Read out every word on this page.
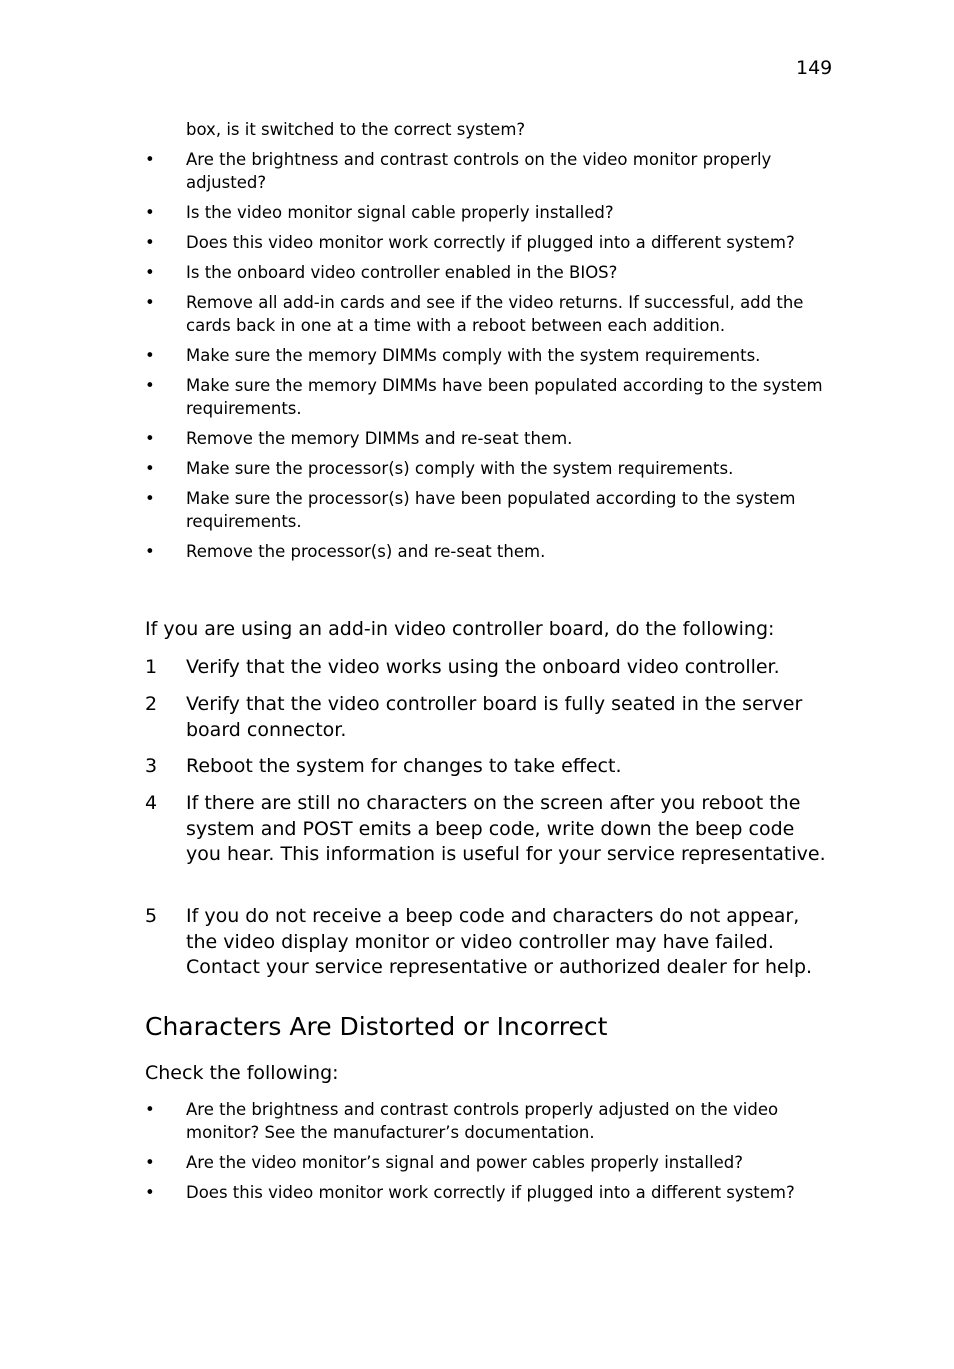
149
box, is it switched to the correct system?
• Are the brightness and contrast controls on the video monitor properly adjusted?
• Is the video monitor signal cable properly installed?
• Does this video monitor work correctly if plugged into a different system?
• Is the onboard video controller enabled in the BIOS?
• Remove all add-in cards and see if the video returns. If successful, add the cards back in one at a time with a reboot between each addition.
• Make sure the memory DIMMs comply with the system requirements.
• Make sure the memory DIMMs have been populated according to the system requirements.
• Remove the memory DIMMs and re-seat them.
• Make sure the processor(s) comply with the system requirements.
• Make sure the processor(s) have been populated according to the system requirements.
• Remove the processor(s) and re-seat them.
If you are using an add-in video controller board, do the following:
1 Verify that the video works using the onboard video controller.
2 Verify that the video controller board is fully seated in the server board connector.
3 Reboot the system for changes to take effect.
4 If there are still no characters on the screen after you reboot the system and POST emits a beep code, write down the beep code you hear. This information is useful for your service representative.
5 If you do not receive a beep code and characters do not appear, the video display monitor or video controller may have failed. Contact your service representative or authorized dealer for help.
Characters Are Distorted or Incorrect
Check the following:
• Are the brightness and contrast controls properly adjusted on the video monitor? See the manufacturer’s documentation.
• Are the video monitor’s signal and power cables properly installed?
• Does this video monitor work correctly if plugged into a different system?
